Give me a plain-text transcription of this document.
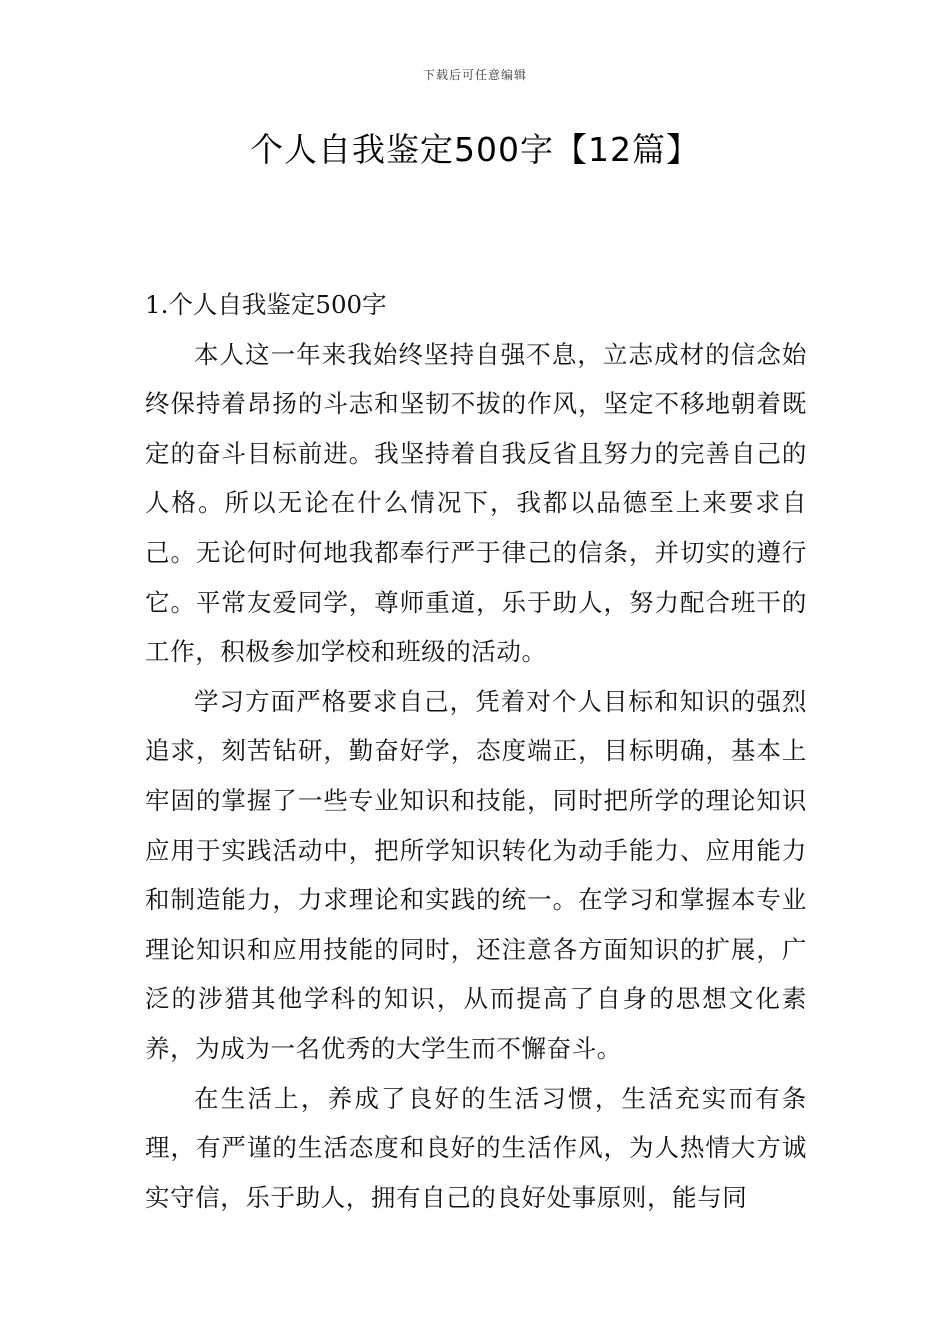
下载后可任意编辑
个人自我鉴定500字【12篇】
1.个人自我鉴定500字

本人这一年来我始终坚持自强不息，立志成材的信念始终保持着昂扬的斗志和坚韧不拔的作风，坚定不移地朝着既定的奋斗目标前进。我坚持着自我反省且努力的完善自己的人格。所以无论在什么情况下，我都以品德至上来要求自己。无论何时何地我都奉行严于律己的信条，并切实的遵行它。平常友爱同学，尊师重道，乐于助人，努力配合班干的工作，积极参加学校和班级的活动。

学习方面严格要求自己，凭着对个人目标和知识的强烈追求，刻苦钻研，勤奋好学，态度端正，目标明确，基本上牢固的掌握了一些专业知识和技能，同时把所学的理论知识应用于实践活动中，把所学知识转化为动手能力、应用能力和制造能力，力求理论和实践的统一。在学习和掌握本专业理论知识和应用技能的同时，还注意各方面知识的扩展，广泛的涉猎其他学科的知识，从而提高了自身的思想文化素养，为成为一名优秀的大学生而不懈奋斗。

在生活上，养成了良好的生活习惯，生活充实而有条理，有严谨的生活态度和良好的生活作风，为人热情大方诚实守信，乐于助人，拥有自己的良好处事原则，能与同
